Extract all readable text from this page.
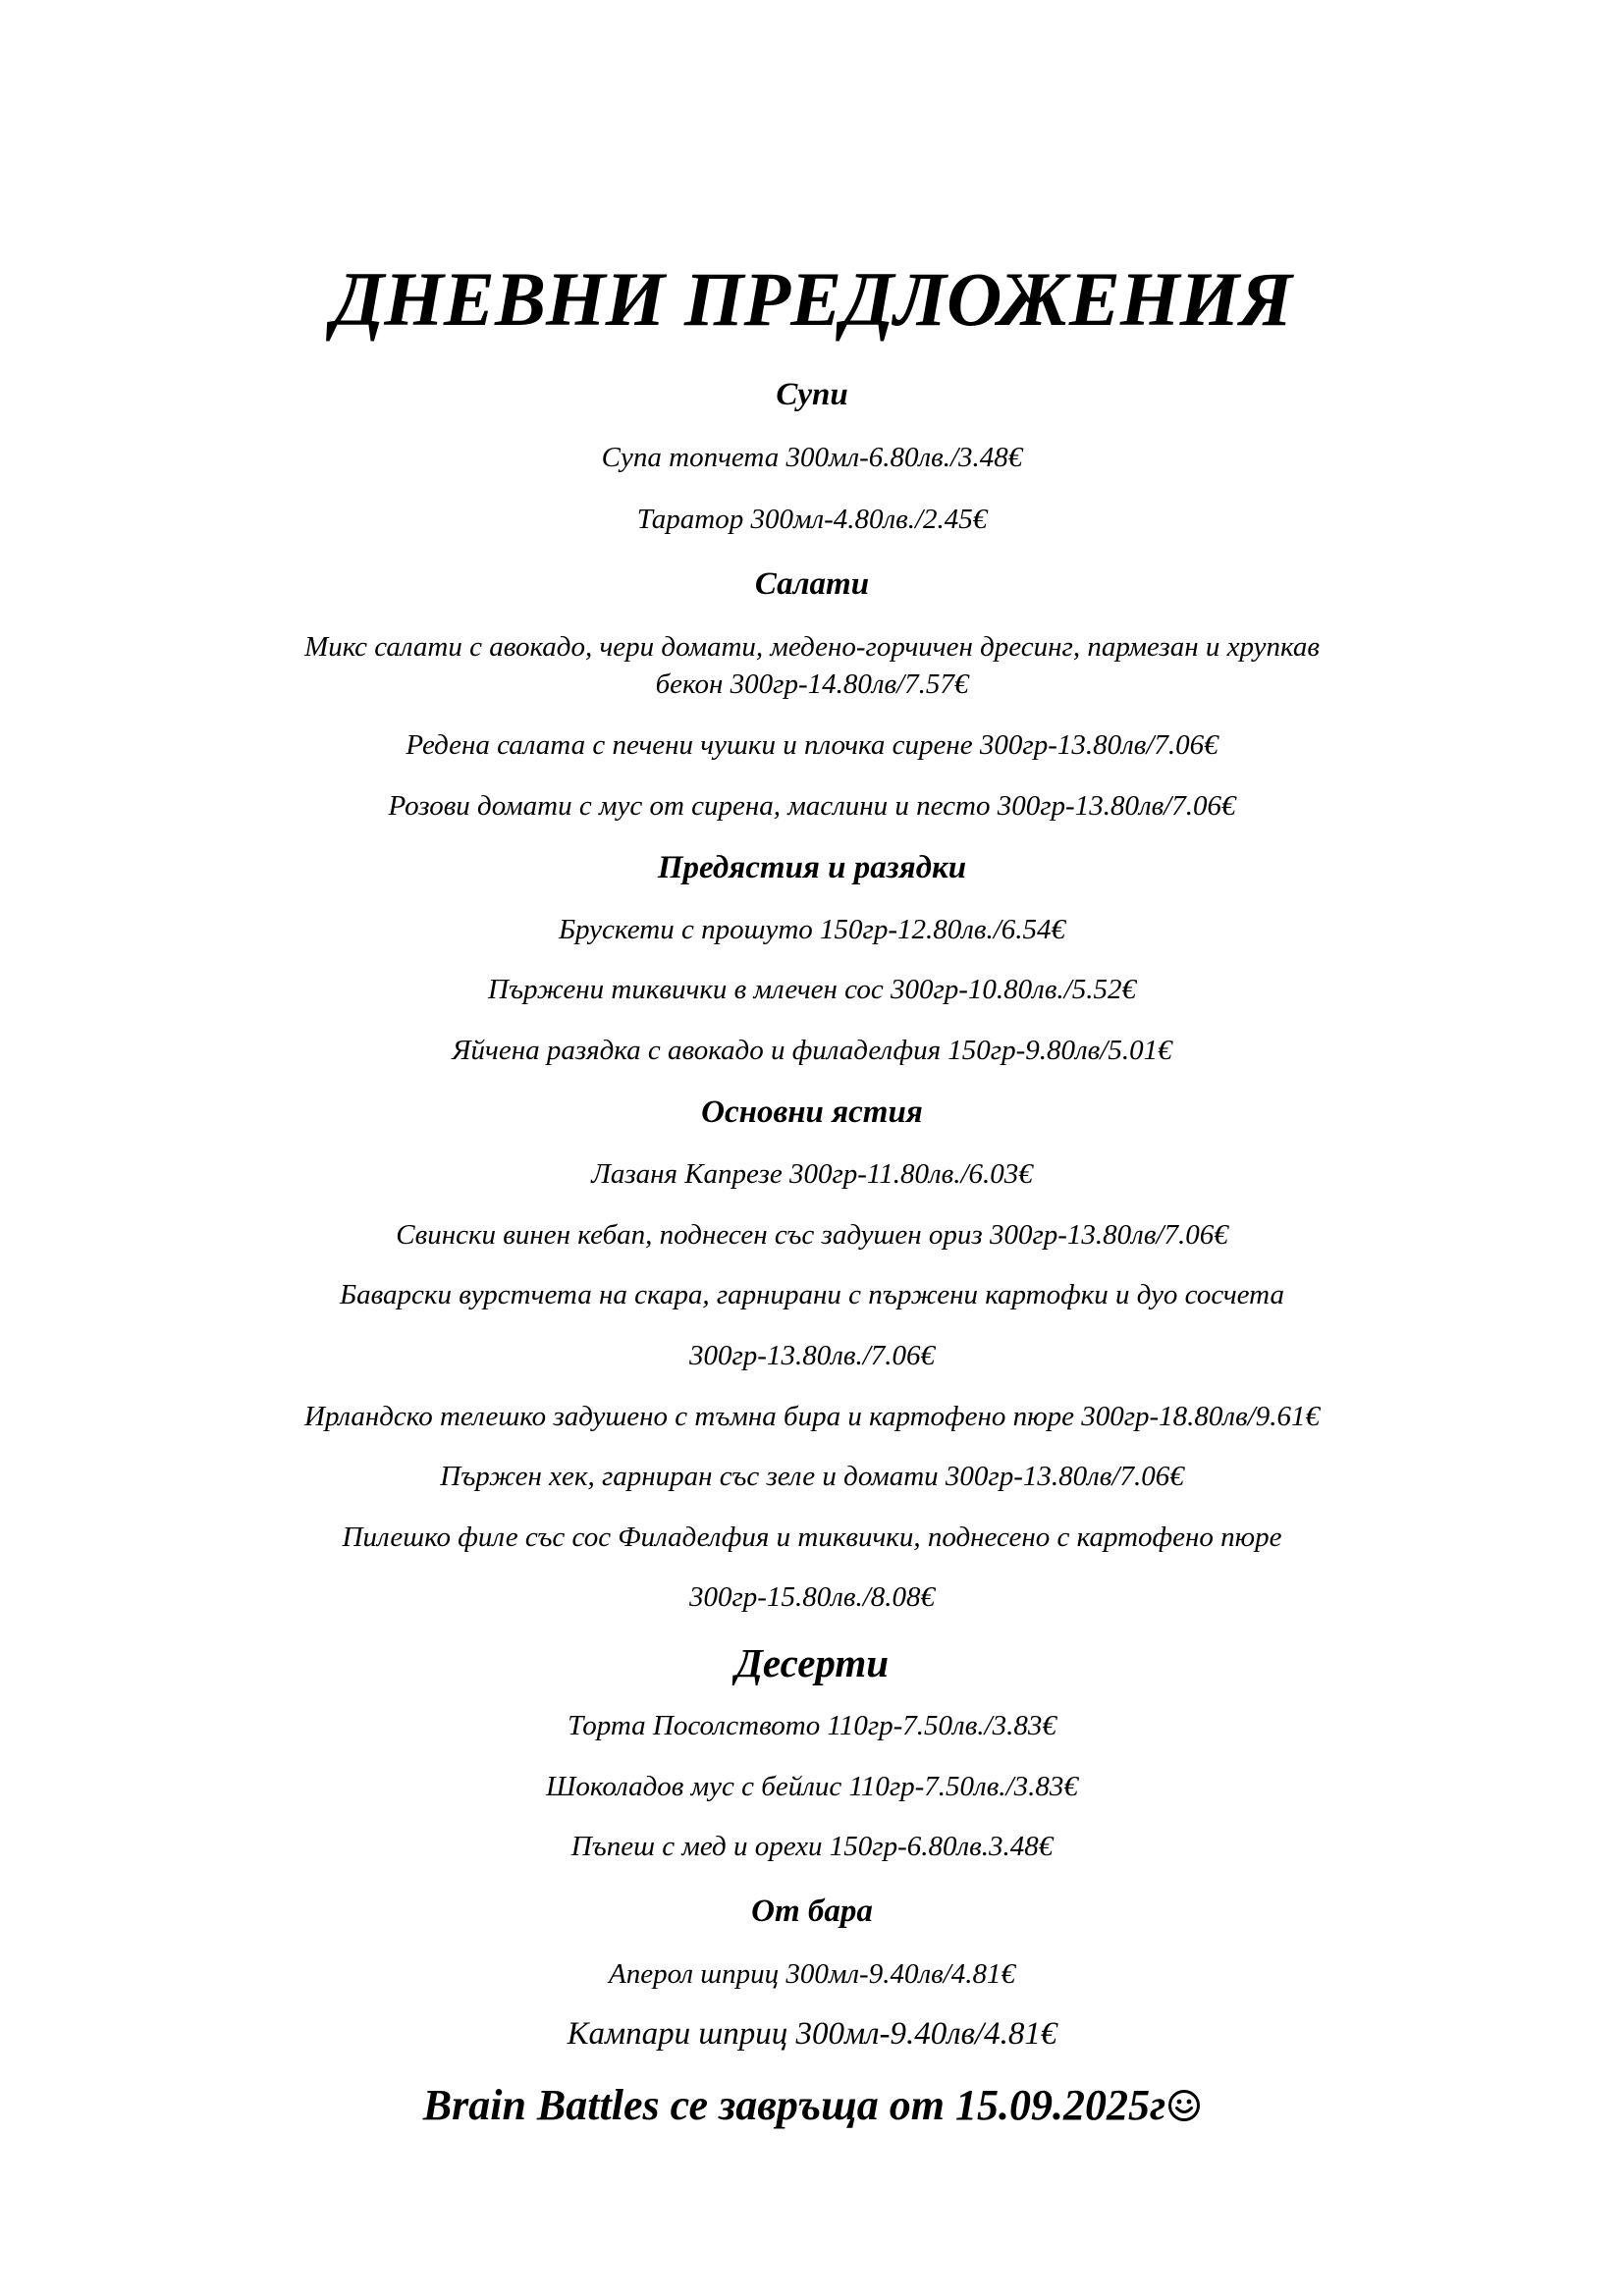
ДНЕВНИ ПРЕДЛОЖЕНИЯ
Супи
Супа топчета 300мл-6.80лв./3.48€
Таратор 300мл-4.80лв./2.45€
Салати
Микс салати с авокадо, чери домати, медено-горчичен дресинг, пармезан и хрупкав
бекон 300гр-14.80лв/7.57€
Редена салата с печени чушки и плочка сирене 300гр-13.80лв/7.06€
Розови домати с мус от сирена, маслини и песто 300гр-13.80лв/7.06€
Предястия и разядки
Брускети с прошуто 150гр-12.80лв./6.54€
Пържени тиквички в млечен сос 300гр-10.80лв./5.52€
Яйчена разядка с авокадо и филаделфия 150гр-9.80лв/5.01€
Основни ястия
Лазаня Капрезе 300гр-11.80лв./6.03€
Свински винен кебап, поднесен със задушен ориз 300гр-13.80лв/7.06€
Баварски вурстчета на скара, гарнирани с пържени картофки и дуо сосчета
300гр-13.80лв./7.06€
Ирландско телешко задушено с тъмна бира и картофено пюре 300гр-18.80лв/9.61€
Пържен хек, гарниран със зеле и домати 300гр-13.80лв/7.06€
Пилешко филе със сос Филаделфия и тиквички, поднесено с картофено пюре
300гр-15.80лв./8.08€
Десерти
Торта Посолството 110гр-7.50лв./3.83€
Шоколадов мус с бейлис 110гр-7.50лв./3.83€
Пъпеш с мед и орехи 150гр-6.80лв.3.48€
От бара
Аперол шприц 300мл-9.40лв/4.81€
Кампари шприц 300мл-9.40лв/4.81€
Brain Battles се завръща от 15.09.2025г
